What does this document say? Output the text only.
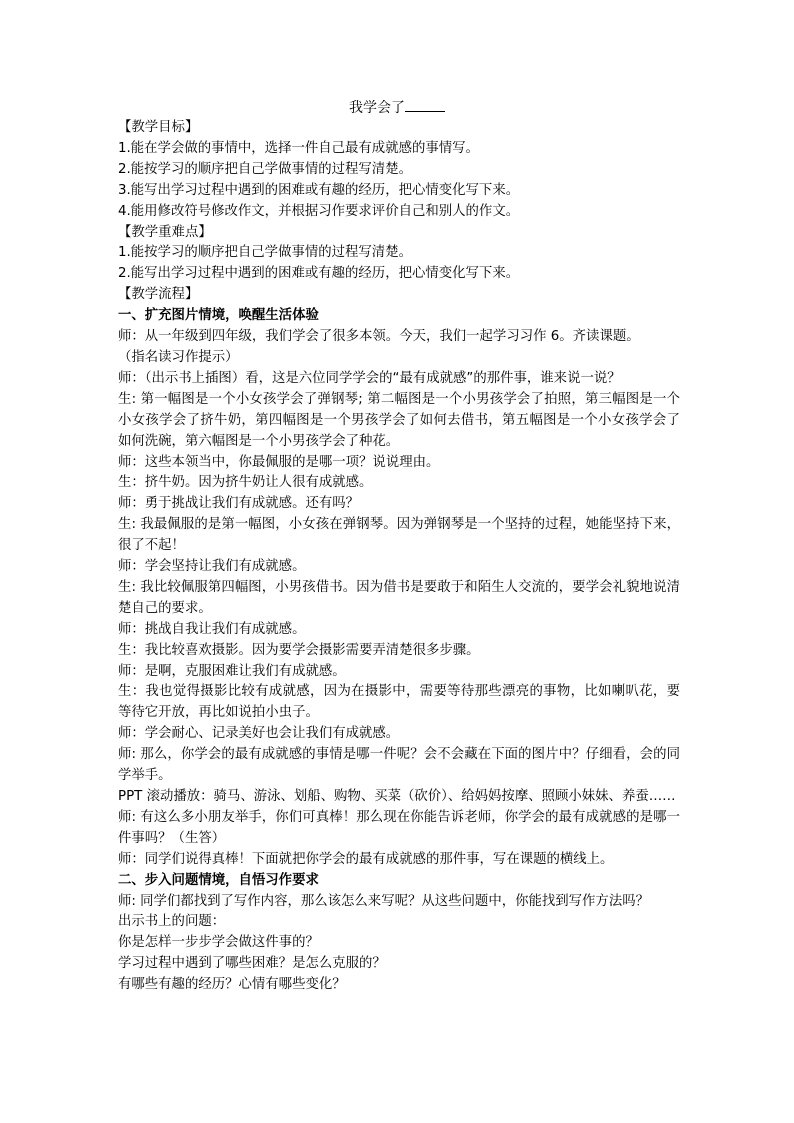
我学会了

【教学目标】

1.能在学会做的事情中，选择一件自己最有成就感的事情写。

2.能按学习的顺序把自己学做事情的过程写清楚。

3.能写出学习过程中遇到的困难或有趣的经历，把心情变化写下来。

4.能用修改符号修改作文，并根据习作要求评价自己和别人的作文。

【教学重难点】

1.能按学习的顺序把自己学做事情的过程写清楚。

2.能写出学习过程中遇到的困难或有趣的经历，把心情变化写下来。

【教学流程】

一、扩充图片情境，唤醒生活体验

师：从一年级到四年级，我们学会了很多本领。今天，我们一起学习习作 6。齐读课题。

（指名读习作提示）

师：（出示书上插图）看，这是六位同学学会的“最有成就感”的那件事，谁来说一说？

生: 第一幅图是一个小女孩学会了弹钢琴; 第二幅图是一个小男孩学会了拍照，第三幅图是一个小女孩学会了挤牛奶，第四幅图是一个男孩学会了如何去借书，第五幅图是一个小女孩学会了如何洗碗，第六幅图是一个小男孩学会了种花。

师：这些本领当中，你最佩服的是哪一项？说说理由。

生：挤牛奶。因为挤牛奶让人很有成就感。

师：勇于挑战让我们有成就感。还有吗？

生: 我最佩服的是第一幅图，小女孩在弹钢琴。因为弹钢琴是一个坚持的过程，她能坚持下来，很了不起！

师：学会坚持让我们有成就感。

生: 我比较佩服第四幅图，小男孩借书。因为借书是要敢于和陌生人交流的，要学会礼貌地说清楚自己的要求。

师：挑战自我让我们有成就感。

生：我比较喜欢摄影。因为要学会摄影需要弄清楚很多步骤。

师：是啊，克服困难让我们有成就感。

生：我也觉得摄影比较有成就感，因为在摄影中，需要等待那些漂亮的事物，比如喇叭花，要等待它开放，再比如说拍小虫子。

师：学会耐心、记录美好也会让我们有成就感。

师: 那么，你学会的最有成就感的事情是哪一件呢？会不会藏在下面的图片中？仔细看，会的同学举手。

PPT 滚动播放：骑马、游泳、划船、购物、买菜（砍价）、给妈妈按摩、照顾小妹妹、养蚕……

师: 有这么多小朋友举手，你们可真棒！那么现在你能告诉老师，你学会的最有成就感的是哪一件事吗？（生答）

师：同学们说得真棒！下面就把你学会的最有成就感的那件事，写在课题的横线上。

二、步入问题情境，自悟习作要求

师: 同学们都找到了写作内容，那么该怎么来写呢？从这些问题中，你能找到写作方法吗？

出示书上的问题：

你是怎样一步步学会做这件事的？

学习过程中遇到了哪些困难？是怎么克服的？

有哪些有趣的经历？心情有哪些变化？
